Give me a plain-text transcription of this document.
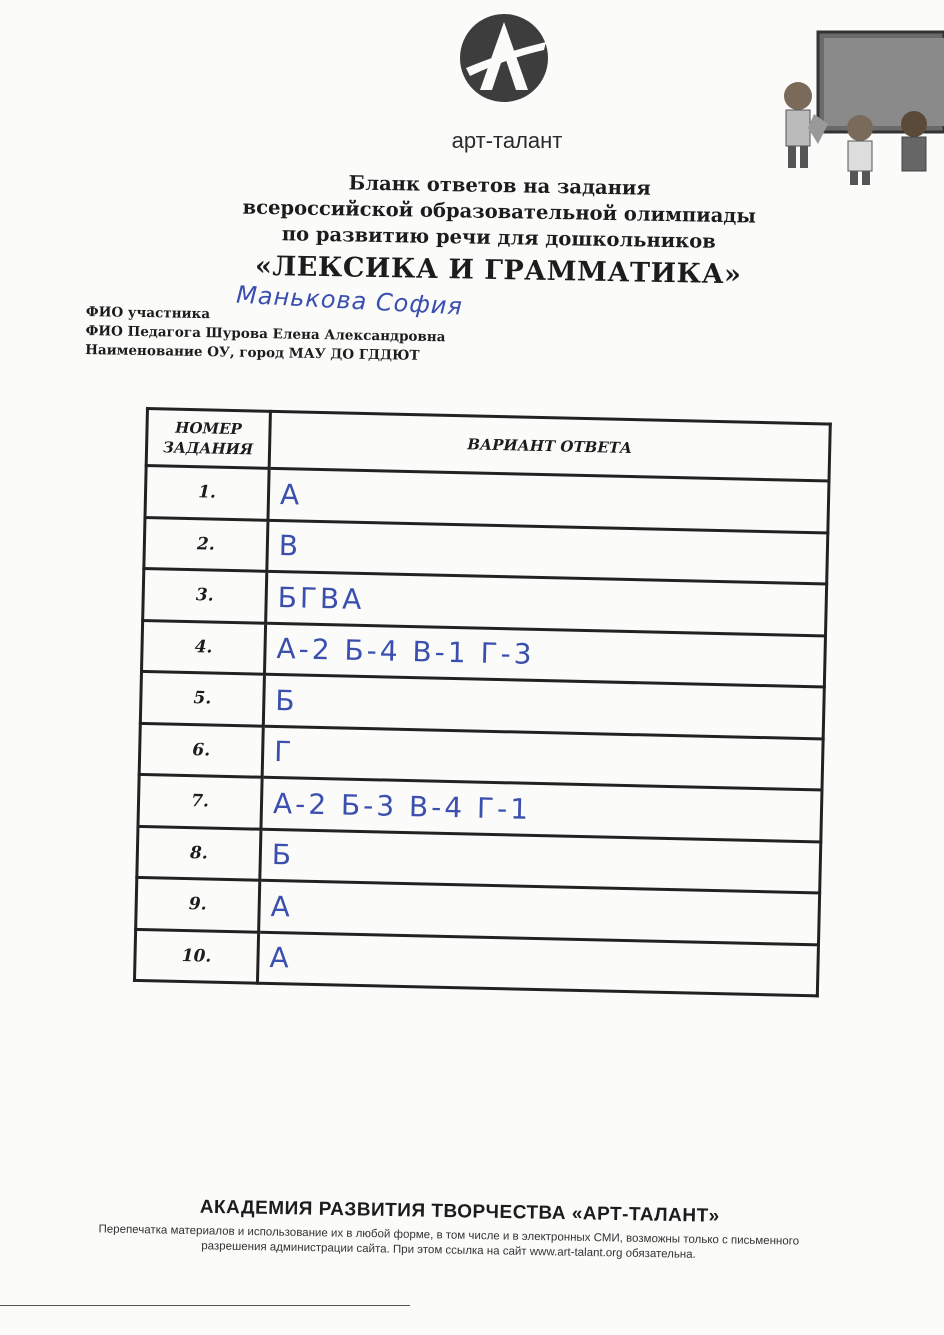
арт-талант
Бланк ответов на задания
всероссийской образовательной олимпиады
по развитию речи для дошкольников
«ЛЕКСИКА И ГРАММАТИКА»
ФИО участника Манькова София
ФИО Педагога Шурова Елена Александровна
Наименование ОУ, город МАУ ДО ГДДЮТ
НОМЕР
ЗАДАНИЯ	ВАРИАНТ ОТВЕТА
1.	А
2.	В
3.	БГВА
4.	А-2 Б-4 В-1 Г-3
5.	Б
6.	Г
7.	А-2 Б-3 В-4 Г-1
8.	Б
9.	А
10.	А
АКАДЕМИЯ РАЗВИТИЯ ТВОРЧЕСТВА «АРТ-ТАЛАНТ»
Перепечатка материалов и использование их в любой форме, в том числе и в электронных СМИ, возможны только с письменного разрешения администрации сайта. При этом ссылка на сайт www.art-talant.org обязательна.
